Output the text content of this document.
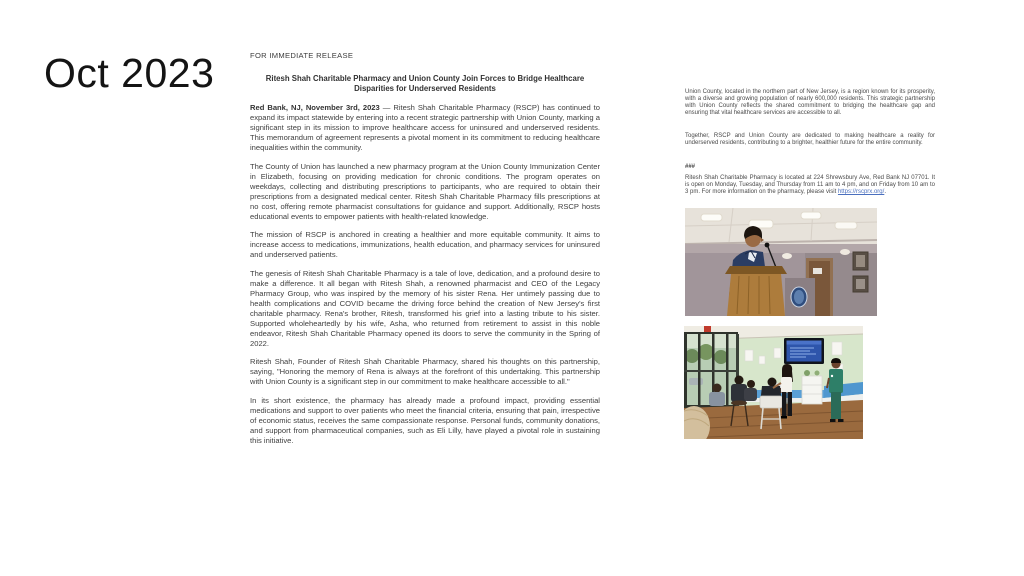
Oct 2023	FOR IMMEDIATE RELEASE

Ritesh Shah Charitable Pharmacy and Union County Join Forces to Bridge Healthcare
Disparities for Underserved Residents

Red Bank, NJ, November 3rd, 2023 — Ritesh Shah Charitable Pharmacy (RSCP) has continued to expand its impact statewide by entering into a recent strategic partnership with Union County, marking a significant step in its mission to improve healthcare access for uninsured and underserved residents. This memorandum of agreement represents a pivotal moment in its commitment to reducing healthcare inequalities within the community.

The County of Union has launched a new pharmacy program at the Union County Immunization Center in Elizabeth, focusing on providing medication for chronic conditions. The program operates on weekdays, collecting and distributing prescriptions to participants, who are required to obtain their prescriptions from a designated medical center. Ritesh Shah Charitable Pharmacy fills prescriptions at no cost, offering remote pharmacist consultations for guidance and support. Additionally, RSCP hosts educational events to empower patients with health-related knowledge.

The mission of RSCP is anchored in creating a healthier and more equitable community. It aims to increase access to medications, immunizations, health education, and pharmacy services for uninsured and underserved patients.

The genesis of Ritesh Shah Charitable Pharmacy is a tale of love, dedication, and a profound desire to make a difference. It all began with Ritesh Shah, a renowned pharmacist and CEO of the Legacy Pharmacy Group, who was inspired by the memory of his sister Rena. Her untimely passing due to health complications and COVID became the driving force behind the creation of New Jersey's first charitable pharmacy. Rena's brother, Ritesh, transformed his grief into a lasting tribute to his sister. Supported wholeheartedly by his wife, Asha, who returned from retirement to assist in this noble endeavor, Ritesh Shah Charitable Pharmacy opened its doors to serve the community in the Spring of 2022.

Ritesh Shah, Founder of Ritesh Shah Charitable Pharmacy, shared his thoughts on this partnership, saying, "Honoring the memory of Rena is always at the forefront of this undertaking. This partnership with Union County is a significant step in our commitment to make healthcare accessible to all."

In its short existence, the pharmacy has already made a profound impact, providing essential medications and support to over patients who meet the financial criteria, ensuring that pain, irrespective of economic status, receives the same compassionate response. Personal funds, community donations, and support from pharmaceutical companies, such as Eli Lilly, have played a pivotal role in sustaining this initiative.

Union County, located in the northern part of New Jersey, is a region known for its prosperity, with a diverse and growing population of nearly 600,000 residents. This strategic partnership with Union County reflects the shared commitment to bridging the healthcare gap and ensuring that vital healthcare services are accessible to all.

Together, RSCP and Union County are dedicated to making healthcare a reality for underserved residents, contributing to a brighter, healthier future for the entire community.

###

Ritesh Shah Charitable Pharmacy is located at 224 Shrewsbury Ave, Red Bank NJ 07701. It is open on Monday, Tuesday, and Thursday from 11 am to 4 pm, and on Friday from 10 am to 3 pm. For more information on the pharmacy, please visit https://rscprx.org/.
